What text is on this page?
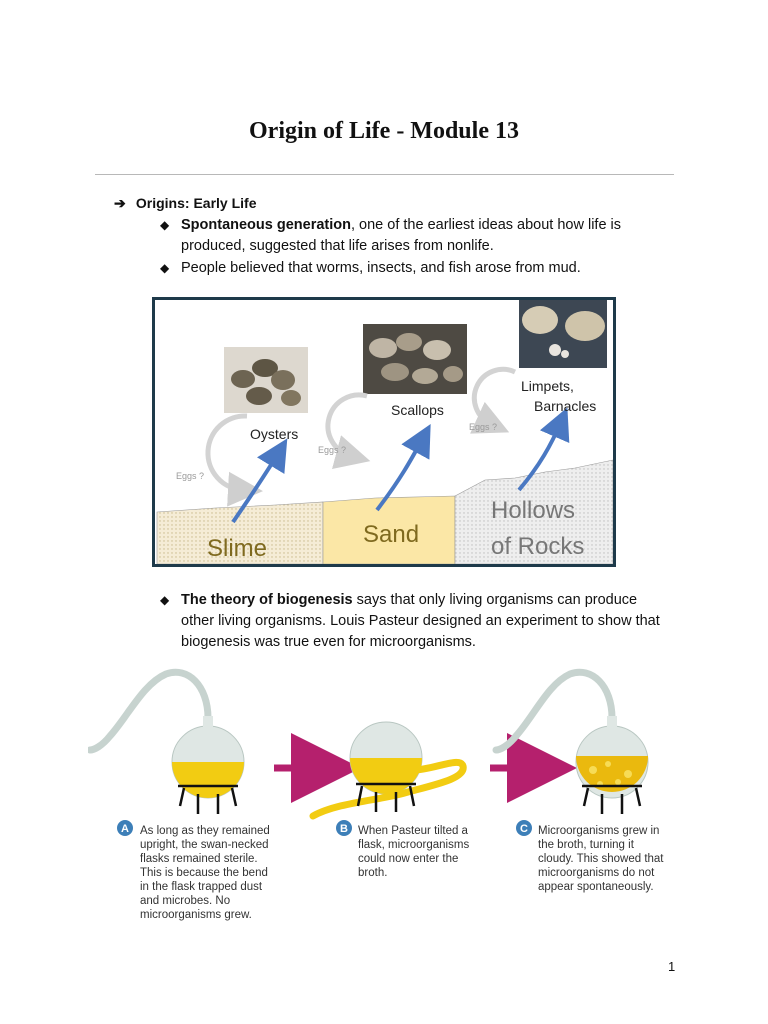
Origin of Life - Module 13
➔ Origins: Early Life
◆ Spontaneous generation, one of the earliest ideas about how life is produced, suggested that life arises from nonlife.
◆ People believed that worms, insects, and fish arose from mud.
Oysters
Scallops
Limpets,
Barnacles
Eggs ?
Eggs ?
Eggs ?
Slime
Sand
Hollows
of Rocks
◆ The theory of biogenesis says that only living organisms can produce other living organisms. Louis Pasteur designed an experiment to show that biogenesis was true even for microorganisms.
A	B	C
As long as they remained
upright, the swan-necked
flasks remained sterile.
This is because the bend
in the flask trapped dust
and microbes. No
microorganisms grew.
When Pasteur tilted a
flask, microorganisms
could now enter the
broth.
Microorganisms grew in
the broth, turning it
cloudy. This showed that
microorganisms do not
appear spontaneously.
1
